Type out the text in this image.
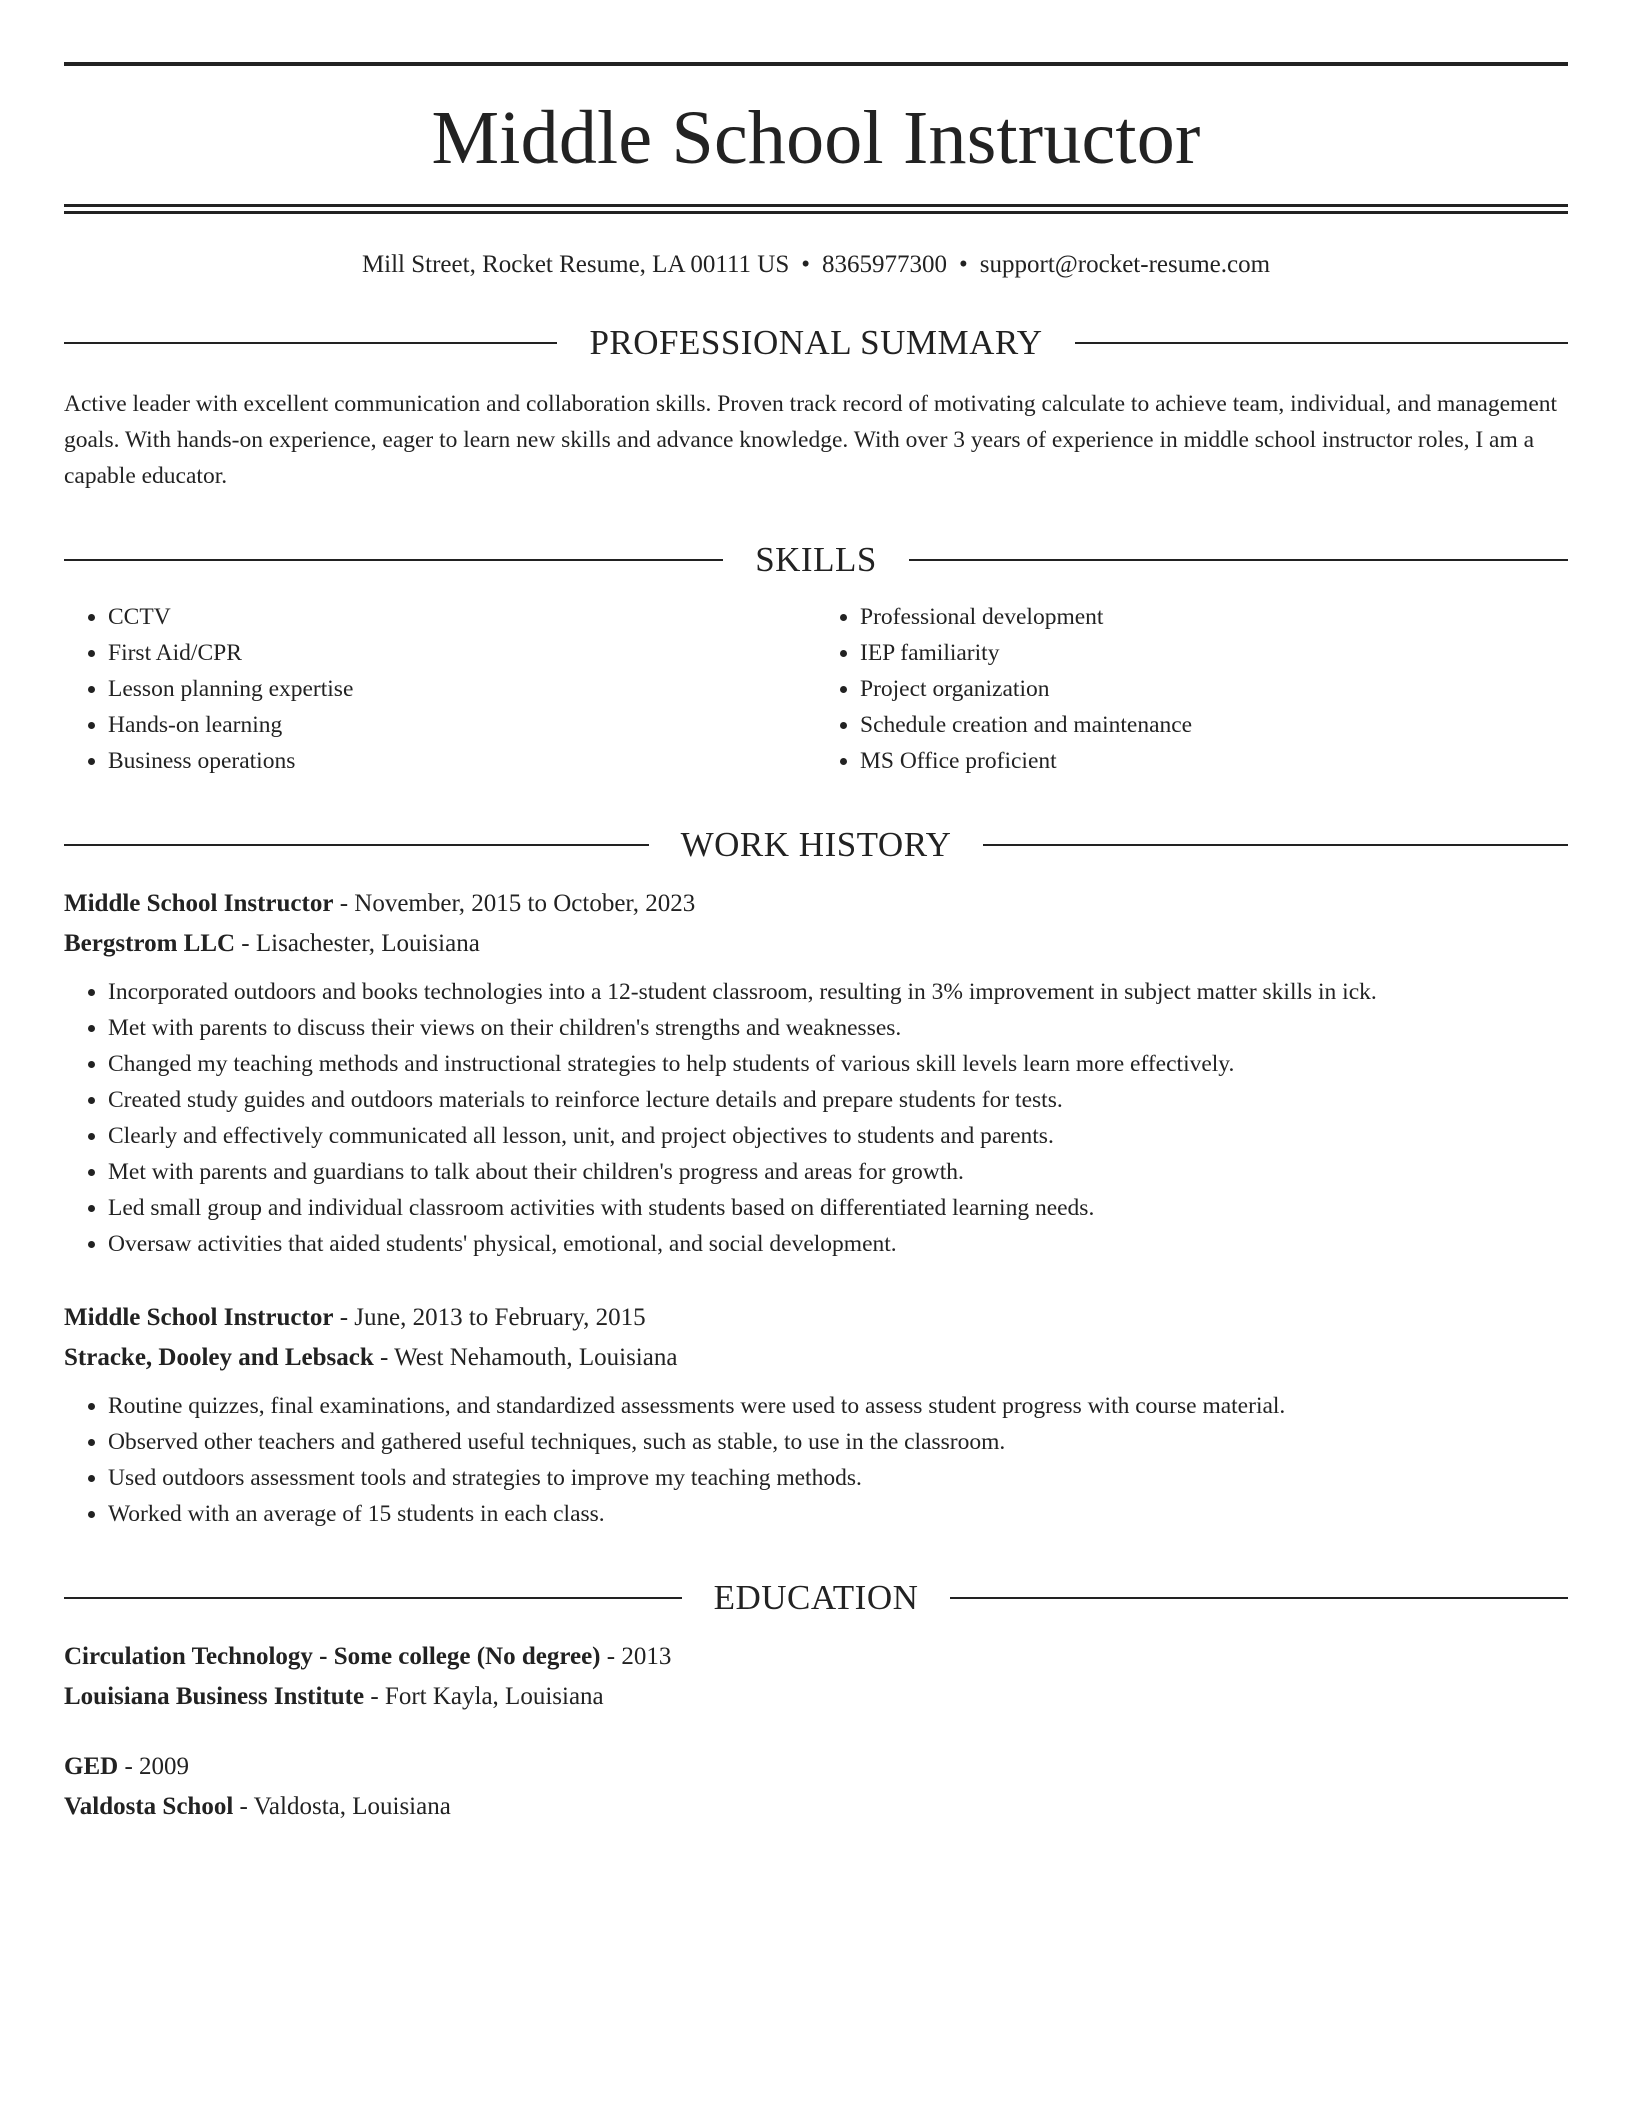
Middle School Instructor
Mill Street, Rocket Resume, LA 00111 US • 8365977300 • support@rocket-resume.com
PROFESSIONAL SUMMARY
Active leader with excellent communication and collaboration skills. Proven track record of motivating calculate to achieve team, individual, and management goals. With hands-on experience, eager to learn new skills and advance knowledge. With over 3 years of experience in middle school instructor roles, I am a capable educator.
SKILLS
• CCTV
• First Aid/CPR
• Lesson planning expertise
• Hands-on learning
• Business operations
• Professional development
• IEP familiarity
• Project organization
• Schedule creation and maintenance
• MS Office proficient
WORK HISTORY
Middle School Instructor - November, 2015 to October, 2023
Bergstrom LLC - Lisachester, Louisiana
• Incorporated outdoors and books technologies into a 12-student classroom, resulting in 3% improvement in subject matter skills in ick.
• Met with parents to discuss their views on their children's strengths and weaknesses.
• Changed my teaching methods and instructional strategies to help students of various skill levels learn more effectively.
• Created study guides and outdoors materials to reinforce lecture details and prepare students for tests.
• Clearly and effectively communicated all lesson, unit, and project objectives to students and parents.
• Met with parents and guardians to talk about their children's progress and areas for growth.
• Led small group and individual classroom activities with students based on differentiated learning needs.
• Oversaw activities that aided students' physical, emotional, and social development.
Middle School Instructor - June, 2013 to February, 2015
Stracke, Dooley and Lebsack - West Nehamouth, Louisiana
• Routine quizzes, final examinations, and standardized assessments were used to assess student progress with course material.
• Observed other teachers and gathered useful techniques, such as stable, to use in the classroom.
• Used outdoors assessment tools and strategies to improve my teaching methods.
• Worked with an average of 15 students in each class.
EDUCATION
Circulation Technology - Some college (No degree) - 2013
Louisiana Business Institute - Fort Kayla, Louisiana
GED - 2009
Valdosta School - Valdosta, Louisiana
